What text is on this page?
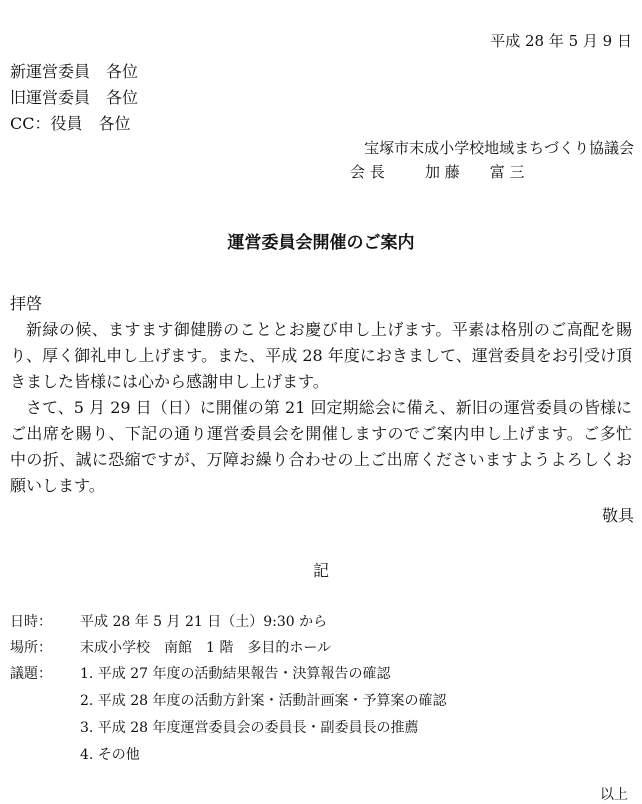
平成 28 年 5 月 9 日
新運営委員　各位
旧運営委員　各位
CC：役員　各位
宝塚市末成小学校地域まちづくり協議会
会 長	加 藤　　富 三
運営委員会開催のご案内
拝啓

新緑の候、ますます御健勝のこととお慶び申し上げます。平素は格別のご高配を賜り、厚く御礼申し上げます。また、平成 28 年度におきまして、運営委員をお引受け頂きました皆様には心から感謝申し上げます。

さて、5 月 29 日（日）に開催の第 21 回定期総会に備え、新旧の運営委員の皆様にご出席を賜り、下記の通り運営委員会を開催しますのでご案内申し上げます。ご多忙中の折、誠に恐縮ですが、万障お繰り合わせの上ご出席くださいますようよろしくお願いします。

敬具
記
日時： 平成 28 年 5 月 21 日（土）9:30 から
場所： 末成小学校　南館　1 階　多目的ホール
議題：	1. 平成 27 年度の活動結果報告・決算報告の確認
2. 平成 28 年度の活動方針案・活動計画案・予算案の確認
3. 平成 28 年度運営委員会の委員長・副委員長の推薦
4. その他
以上
